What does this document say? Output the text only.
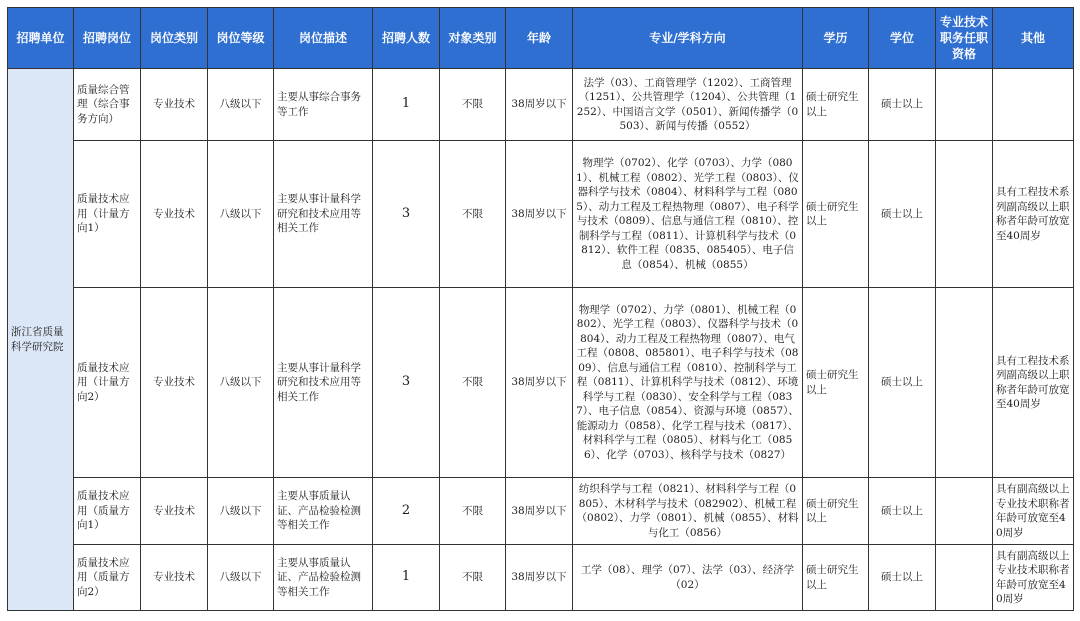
招聘单位	招聘岗位	岗位类别	岗位等级	岗位描述	招聘人数	对象类别	年龄	专业/学科方向	学历	学位	专业技术职务任职资格	其他
浙江省质量科学研究院	质量综合管理（综合事务方向）	专业技术	八级以下	主要从事综合事务等工作	1	不限	38周岁以下	法学（03）、工商管理学（1202）、工商管理（1251）、公共管理学（1204）、公共管理（1252）、中国语言文学（0501）、新闻传播学（0503）、新闻与传播（0552）	硕士研究生以上	硕士以上		
	质量技术应用（计量方向1）	专业技术	八级以下	主要从事计量科学研究和技术应用等相关工作	3	不限	38周岁以下	物理学（0702）、化学（0703）、力学（0801）、机械工程（0802）、光学工程（0803）、仪器科学与技术（0804）、材料科学与工程（0805）、动力工程及工程热物理（0807）、电子科学与技术（0809）、信息与通信工程（0810）、控制科学与工程（0811）、计算机科学与技术（0812）、软件工程（0835、085405）、电子信息（0854）、机械（0855）	硕士研究生以上	硕士以上		具有工程技术系列副高级以上职称者年龄可放宽至40周岁
	质量技术应用（计量方向2）	专业技术	八级以下	主要从事计量科学研究和技术应用等相关工作	3	不限	38周岁以下	物理学（0702）、力学（0801）、机械工程（0802）、光学工程（0803）、仪器科学与技术（0804）、动力工程及工程热物理（0807）、电气工程（0808、085801）、电子科学与技术（0809）、信息与通信工程（0810）、控制科学与工程（0811）、计算机科学与技术（0812）、环境科学与工程（0830）、安全科学与工程（0837）、电子信息（0854）、资源与环境（0857）、能源动力（0858）、化学工程与技术（0817）、材料科学与工程（0805）、材料与化工（0856）、化学（0703）、核科学与技术（0827）	硕士研究生以上	硕士以上		具有工程技术系列副高级以上职称者年龄可放宽至40周岁
	质量技术应用（质量方向1）	专业技术	八级以下	主要从事质量认证、产品检验检测等相关工作	2	不限	38周岁以下	纺织科学与工程（0821）、材料科学与工程（0805）、木材科学与技术（082902）、机械工程（0802）、力学（0801）、机械（0855）、材料与化工（0856）	硕士研究生以上	硕士以上		具有副高级以上专业技术职称者年龄可放宽至40周岁
	质量技术应用（质量方向2）	专业技术	八级以下	主要从事质量认证、产品检验检测等相关工作	1	不限	38周岁以下	工学（08）、理学（07）、法学（03）、经济学（02）	硕士研究生以上	硕士以上		具有副高级以上专业技术职称者年龄可放宽至40周岁
